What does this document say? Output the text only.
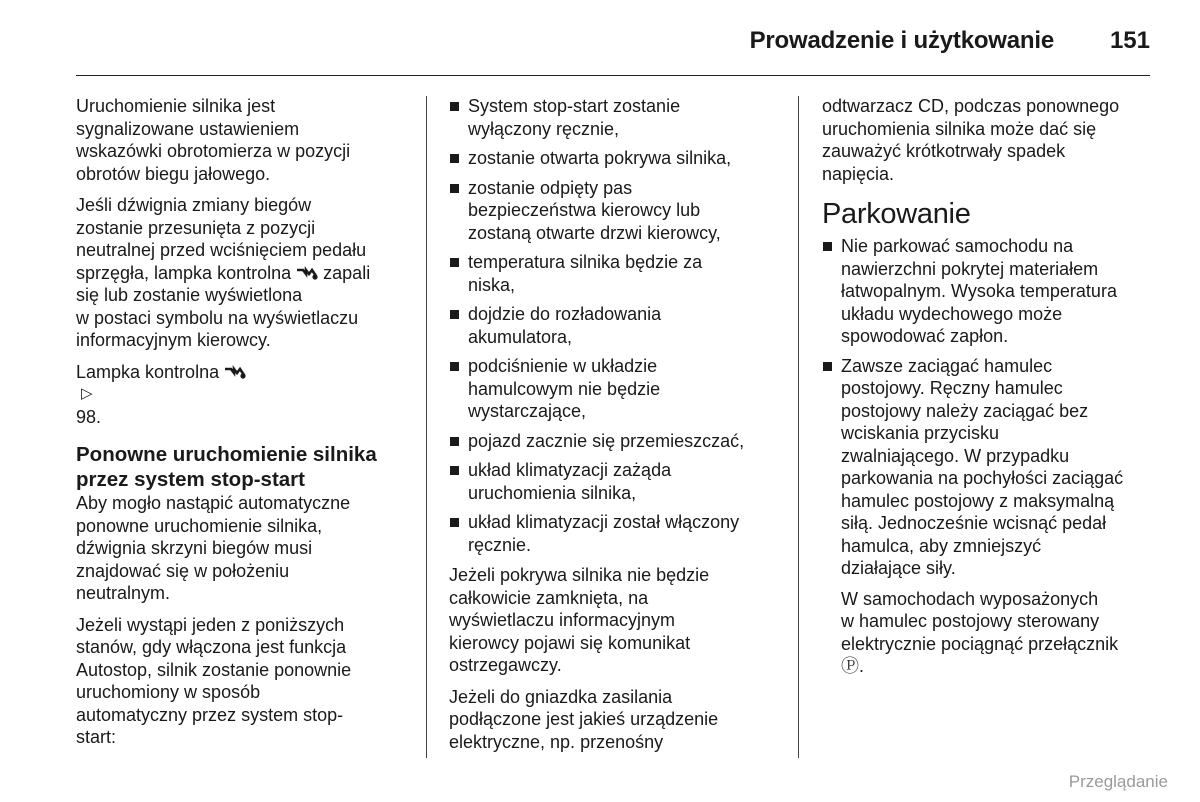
Prowadzenie i użytkowanie 151

Uruchomienie silnika jest
sygnalizowane ustawieniem
wskazówki obrotomierza w pozycji
obrotów biegu jałowego.

Jeśli dźwignia zmiany biegów
zostanie przesunięta z pozycji
neutralnej przed wciśnięciem pedału
sprzęgła, lampka kontrolna zapali
się lub zostanie wyświetlona
w postaci symbolu na wyświetlaczu
informacyjnym kierowcy.

Lampka kontrolna
▷
98.

Ponowne uruchomienie silnika
przez system stop-start

Aby mogło nastąpić automatyczne
ponowne uruchomienie silnika,
dźwignia skrzyni biegów musi
znajdować się w położeniu
neutralnym.

Jeżeli wystąpi jeden z poniższych
stanów, gdy włączona jest funkcja
Autostop, silnik zostanie ponownie
uruchomiony w sposób
automatyczny przez system stop-
start:

System stop-start zostanie
wyłączony ręcznie,
zostanie otwarta pokrywa silnika,
zostanie odpięty pas
bezpieczeństwa kierowcy lub
zostaną otwarte drzwi kierowcy,
temperatura silnika będzie za
niska,
dojdzie do rozładowania
akumulatora,
podciśnienie w układzie
hamulcowym nie będzie
wystarczające,
pojazd zacznie się przemieszczać,
układ klimatyzacji zażąda
uruchomienia silnika,
układ klimatyzacji został włączony
ręcznie.

Jeżeli pokrywa silnika nie będzie
całkowicie zamknięta, na
wyświetlaczu informacyjnym
kierowcy pojawi się komunikat
ostrzegawczy.

Jeżeli do gniazdka zasilania
podłączone jest jakieś urządzenie
elektryczne, np. przenośny

odtwarzacz CD, podczas ponownego
uruchomienia silnika może dać się
zauważyć krótkotrwały spadek
napięcia.

Parkowanie
Nie parkować samochodu na
nawierzchni pokrytej materiałem
łatwopalnym. Wysoka temperatura
układu wydechowego może
spowodować zapłon.
Zawsze zaciągać hamulec
postojowy. Ręczny hamulec
postojowy należy zaciągać bez
wciskania przycisku
zwalniającego. W przypadku
parkowania na pochyłości zaciągać
hamulec postojowy z maksymalną
siłą. Jednocześnie wcisnąć pedał
hamulca, aby zmniejszyć
działające siły.

W samochodach wyposażonych
w hamulec postojowy sterowany
elektrycznie pociągnąć przełącznik
Ⓟ.

Przeglądanie
